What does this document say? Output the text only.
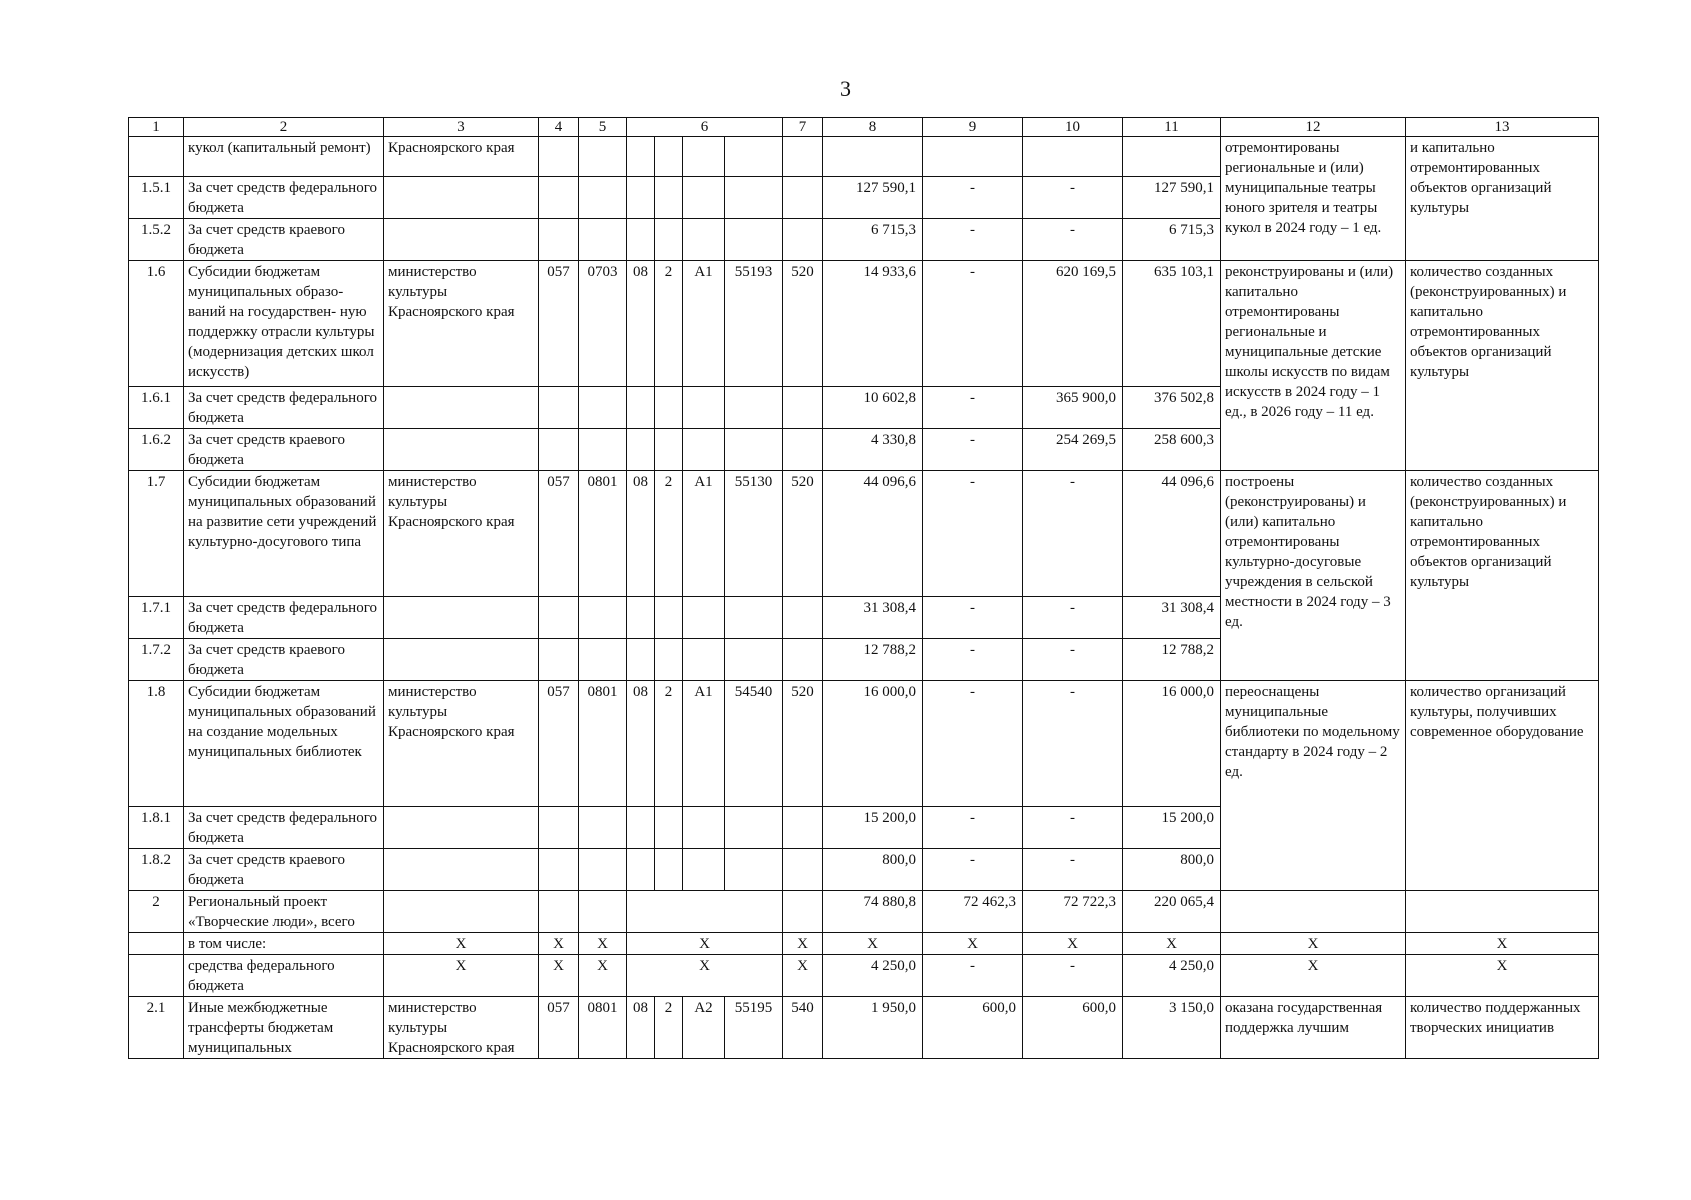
3
1	2	3	4	5	6				7	8	9	10	11	12	13
	кукол (капитальный ремонт)	Красноярского края												отремонтированы региональные и (или) муниципальные театры юного зрителя и театры кукол в 2024 году – 1 ед.	и капитально отремонтированных объектов организаций культуры
1.5.1	За счет средств федерального бюджета									127 590,1	-	-	127 590,1		
1.5.2	За счет средств краевого бюджета									6 715,3	-	-	6 715,3		
1.6	Субсидии бюджетам муниципальных образо- ваний на государствен- ную поддержку отрасли культуры (модернизация детских школ искусств)	министерство культуры Красноярского края	057	0703	08	2	А1	55193	520	14 933,6	-	620 169,5	635 103,1	реконструированы и (или) капитально отремонтированы региональные и муниципальные детские школы искусств по видам искусств в 2024 году – 1 ед., в 2026 году – 11 ед.	количество созданных (реконструированных) и капитально отремонтированных объектов организаций культуры
1.6.1	За счет средств федерального бюджета									10 602,8	-	365 900,0	376 502,8		
1.6.2	За счет средств краевого бюджета									4 330,8	-	254 269,5	258 600,3		
1.7	Субсидии бюджетам муниципальных образований на развитие сети учреждений культурно-досугового типа	министерство культуры Красноярского края	057	0801	08	2	А1	55130	520	44 096,6	-	-	44 096,6	построены (реконструированы) и (или) капитально отремонтированы культурно-досуговые учреждения в сельской местности в 2024 году – 3 ед.	количество созданных (реконструированных) и капитально отремонтированных объектов организаций культуры
1.7.1	За счет средств федерального бюджета									31 308,4	-	-	31 308,4		
1.7.2	За счет средств краевого бюджета									12 788,2	-	-	12 788,2		
1.8	Субсидии бюджетам муниципальных образований на создание модельных муниципальных библиотек	министерство культуры Красноярского края	057	0801	08	2	А1	54540	520	16 000,0	-	-	16 000,0	переоснащены муниципальные библиотеки по модельному стандарту в 2024 году – 2 ед.	количество организаций культуры, получивших современное оборудование
1.8.1	За счет средств федерального бюджета									15 200,0	-	-	15 200,0		
1.8.2	За счет средств краевого бюджета									800,0	-	-	800,0		
2	Региональный проект «Творческие люди», всего									74 880,8	72 462,3	72 722,3	220 065,4		
	в том числе:	X	X	X	X				X	X	X	X	X	X	X
	средства федерального бюджета	X	X	X	X				X	4 250,0	-	-	4 250,0	X	X
2.1	Иные межбюджетные трансферты бюджетам муниципальных	министерство культуры Красноярского края	057	0801	08	2	А2	55195	540	1 950,0	600,0	600,0	3 150,0	оказана государственная поддержка лучшим	количество поддержанных творческих инициатив
